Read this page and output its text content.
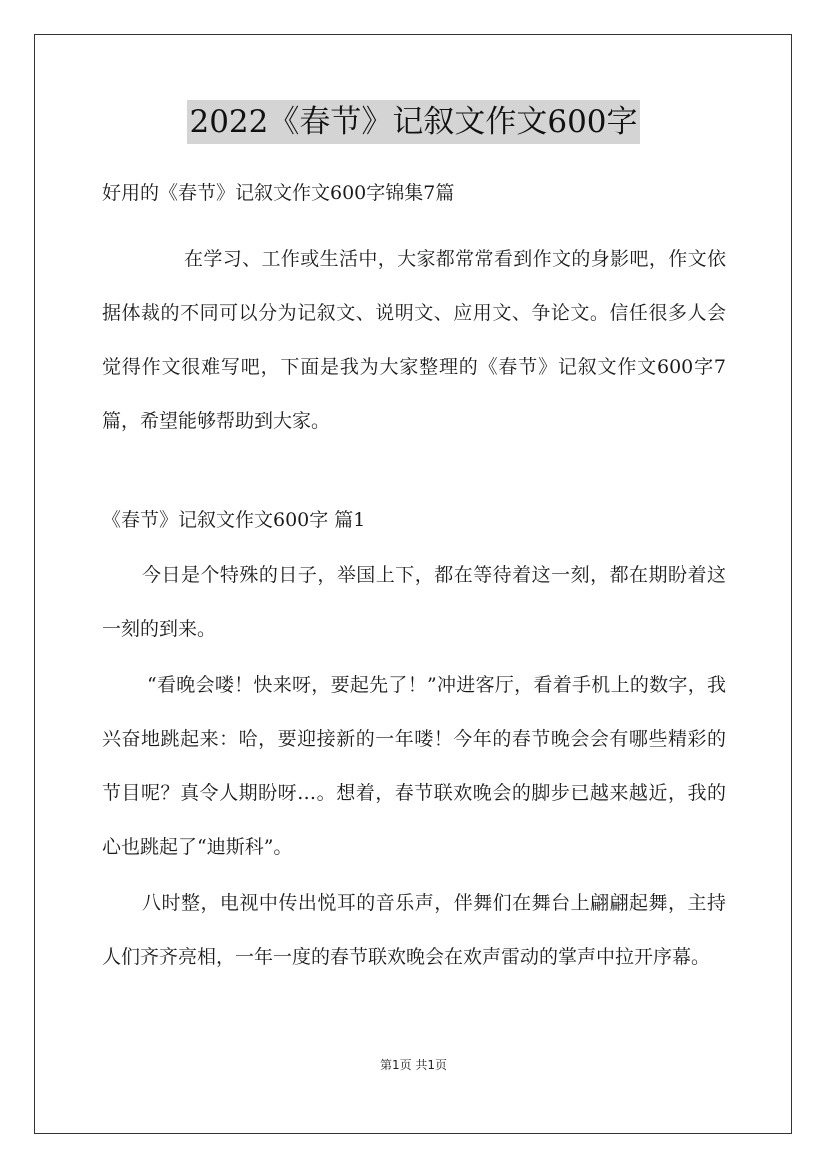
2022《春节》记叙文作文600字
好用的《春节》记叙文作文600字锦集7篇
在学习、工作或生活中，大家都常常看到作文的身影吧，作文依据体裁的不同可以分为记叙文、说明文、应用文、争论文。信任很多人会觉得作文很难写吧，下面是我为大家整理的《春节》记叙文作文600字7篇，希望能够帮助到大家。
《春节》记叙文作文600字 篇1

今日是个特殊的日子，举国上下，都在等待着这一刻，都在期盼着这一刻的到来。

“看晚会喽！快来呀，要起先了！”冲进客厅，看着手机上的数字，我兴奋地跳起来：哈，要迎接新的一年喽！今年的春节晚会会有哪些精彩的节目呢？真令人期盼呀…。想着，春节联欢晚会的脚步已越来越近，我的心也跳起了“迪斯科”。

八时整，电视中传出悦耳的音乐声，伴舞们在舞台上翩翩起舞，主持人们齐齐亮相，一年一度的春节联欢晚会在欢声雷动的掌声中拉开序幕。

第1页 共1页
